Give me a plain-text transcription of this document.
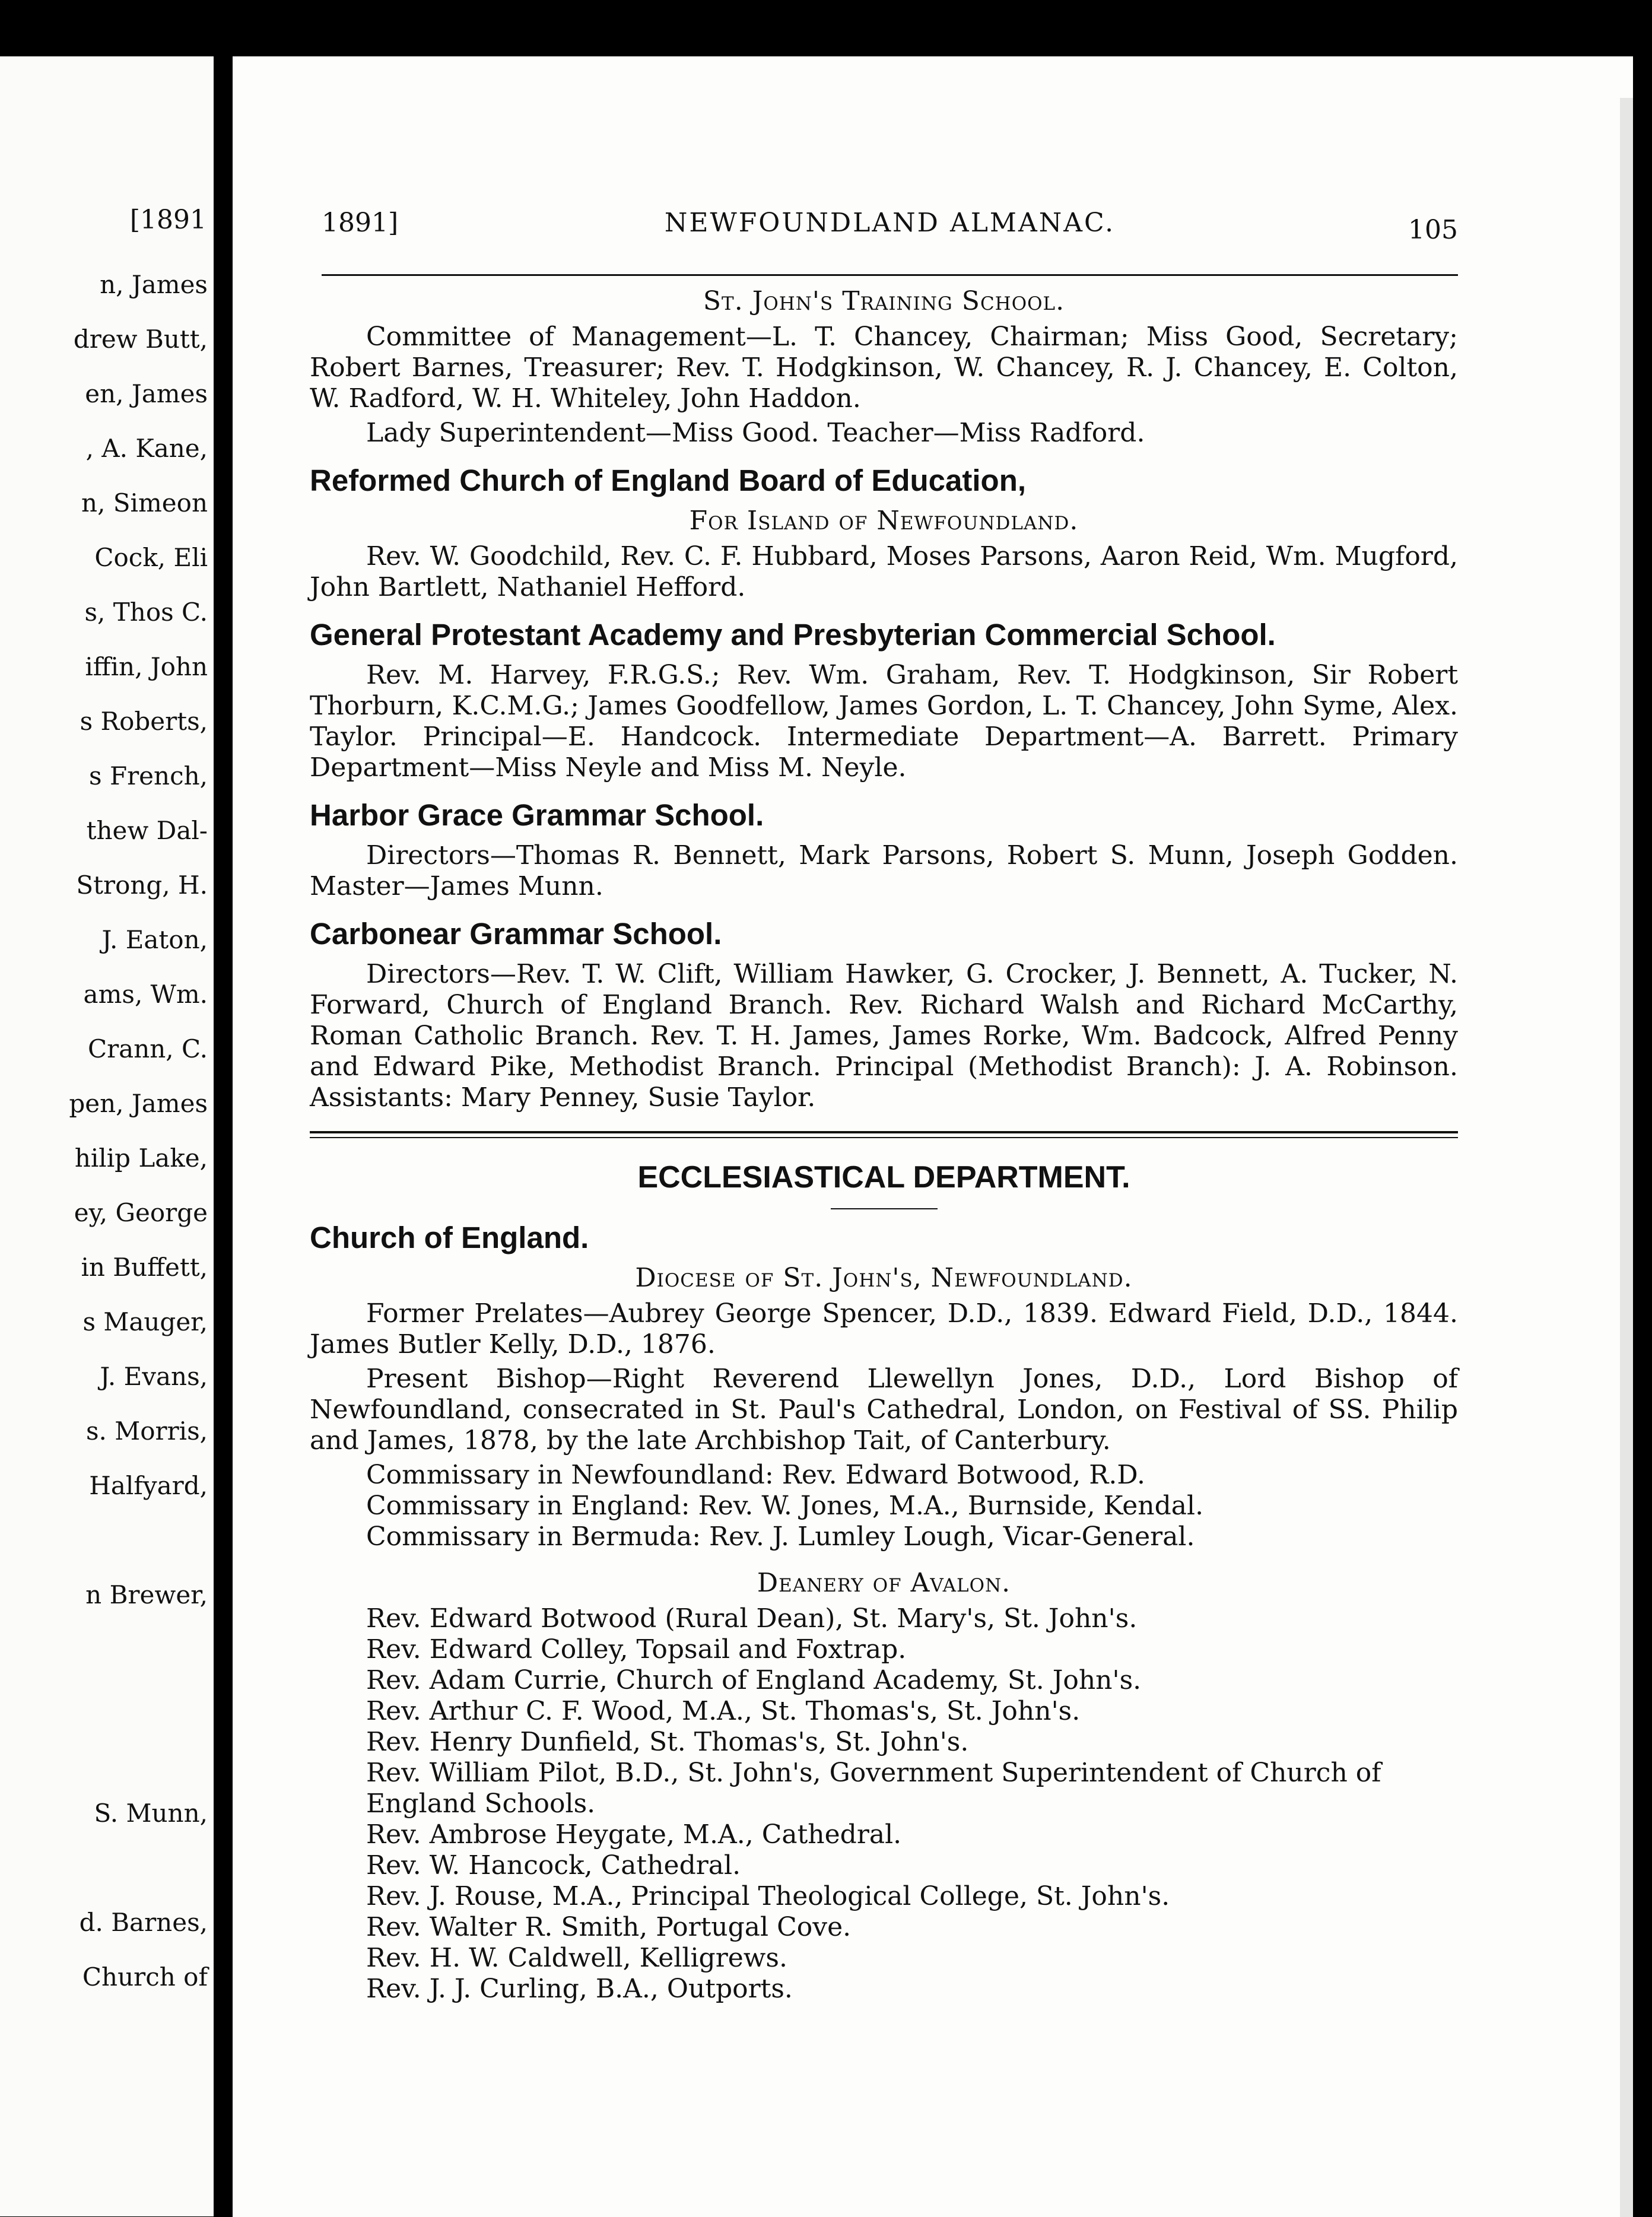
[1891
n, James
drew Butt,
en, James
, A. Kane,
n, Simeon
Cock, Eli
s, Thos C.
iffin, John
s Roberts,
s French,
thew Dal-
Strong, H.
J. Eaton,
ams, Wm.
Crann, C.
pen, James
hilip Lake,
ey, George
in Buffett,
s Mauger,
J. Evans,
s. Morris,
Halfyard,
n Brewer,
S. Munn,
d. Barnes,
Church of
1891]	NEWFOUNDLAND ALMANAC.	105
St. John's Training School.
Committee of Management—L. T. Chancey, Chairman; Miss Good, Secretary; Robert Barnes, Treasurer; Rev. T. Hodgkinson, W. Chancey, R. J. Chancey, E. Colton, W. Radford, W. H. Whiteley, John Haddon.
Lady Superintendent—Miss Good. Teacher—Miss Radford.
Reformed Church of England Board of Education,
For Island of Newfoundland.
Rev. W. Goodchild, Rev. C. F. Hubbard, Moses Parsons, Aaron Reid, Wm. Mugford, John Bartlett, Nathaniel Hefford.
General Protestant Academy and Presbyterian Commercial School.
Rev. M. Harvey, F.R.G.S.; Rev. Wm. Graham, Rev. T. Hodgkinson, Sir Robert Thorburn, K.C.M.G.; James Goodfellow, James Gordon, L. T. Chancey, John Syme, Alex. Taylor. Principal—E. Handcock. Intermediate Department—A. Barrett. Primary Department—Miss Neyle and Miss M. Neyle.
Harbor Grace Grammar School.
Directors—Thomas R. Bennett, Mark Parsons, Robert S. Munn, Joseph Godden. Master—James Munn.
Carbonear Grammar School.
Directors—Rev. T. W. Clift, William Hawker, G. Crocker, J. Bennett, A. Tucker, N. Forward, Church of England Branch. Rev. Richard Walsh and Richard McCarthy, Roman Catholic Branch. Rev. T. H. James, James Rorke, Wm. Badcock, Alfred Penny and Edward Pike, Methodist Branch. Principal (Methodist Branch): J. A. Robinson. Assistants: Mary Penney, Susie Taylor.
ECCLESIASTICAL DEPARTMENT.
Church of England.
Diocese of St. John's, Newfoundland.
Former Prelates—Aubrey George Spencer, D.D., 1839. Edward Field, D.D., 1844. James Butler Kelly, D.D., 1876.
Present Bishop—Right Reverend Llewellyn Jones, D.D., Lord Bishop of Newfoundland, consecrated in St. Paul's Cathedral, London, on Festival of SS. Philip and James, 1878, by the late Archbishop Tait, of Canterbury.
Commissary in Newfoundland: Rev. Edward Botwood, R.D.
Commissary in England: Rev. W. Jones, M.A., Burnside, Kendal.
Commissary in Bermuda: Rev. J. Lumley Lough, Vicar-General.
Deanery of Avalon.
Rev. Edward Botwood (Rural Dean), St. Mary's, St. John's.
Rev. Edward Colley, Topsail and Foxtrap.
Rev. Adam Currie, Church of England Academy, St. John's.
Rev. Arthur C. F. Wood, M.A., St. Thomas's, St. John's.
Rev. Henry Dunfield, St. Thomas's, St. John's.
Rev. William Pilot, B.D., St. John's, Government Superintendent of Church of England Schools.
Rev. Ambrose Heygate, M.A., Cathedral.
Rev. W. Hancock, Cathedral.
Rev. J. Rouse, M.A., Principal Theological College, St. John's.
Rev. Walter R. Smith, Portugal Cove.
Rev. H. W. Caldwell, Kelligrews.
Rev. J. J. Curling, B.A., Outports.
